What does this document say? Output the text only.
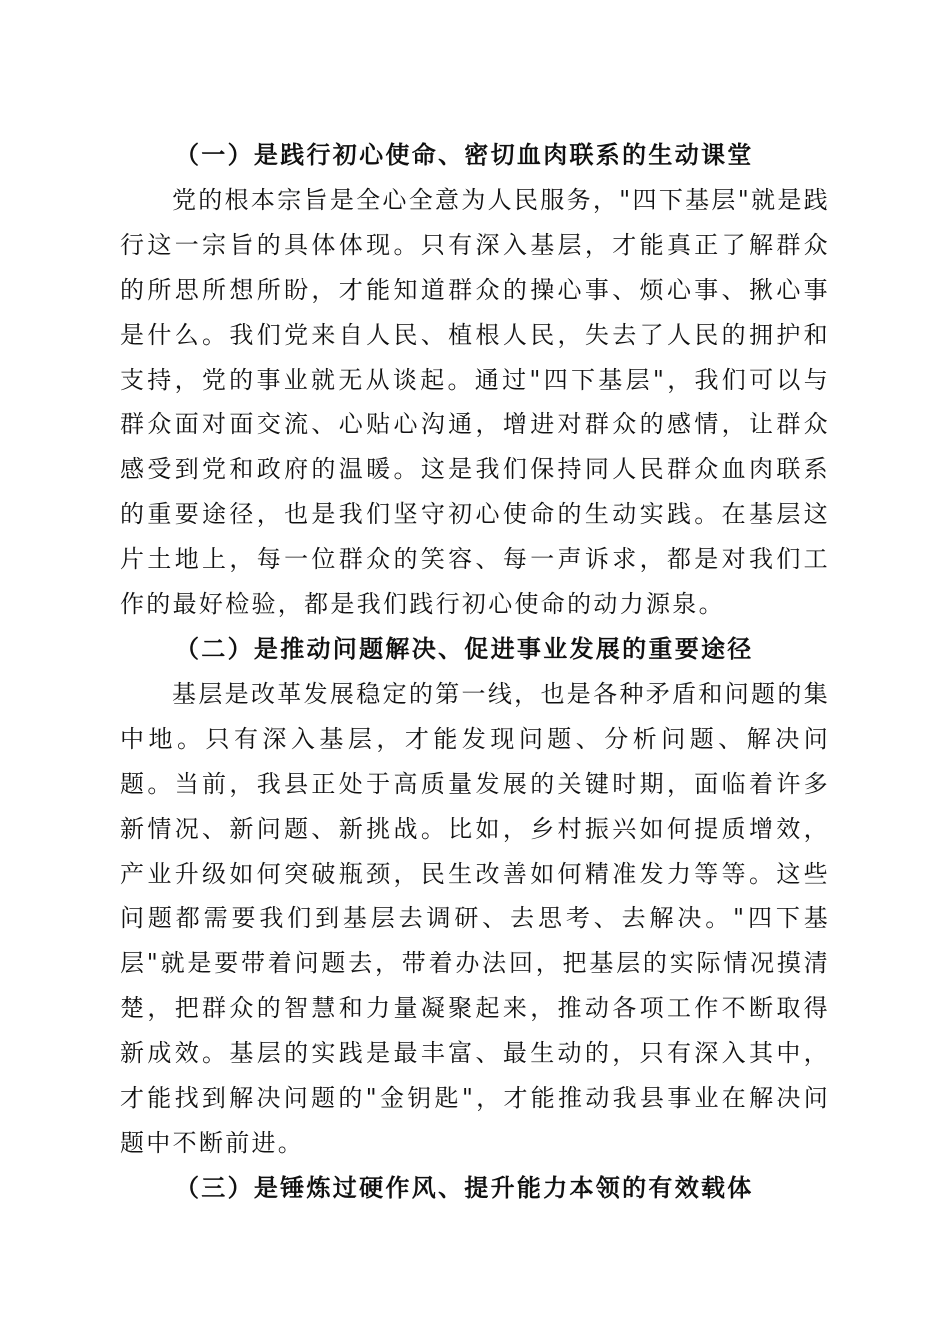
（一）是践行初心使命、密切血肉联系的生动课堂

党的根本宗旨是全心全意为人民服务，"四下基层"就是践行这一宗旨的具体体现。只有深入基层，才能真正了解群众的所思所想所盼，才能知道群众的操心事、烦心事、揪心事是什么。我们党来自人民、植根人民，失去了人民的拥护和支持，党的事业就无从谈起。通过"四下基层"，我们可以与群众面对面交流、心贴心沟通，增进对群众的感情，让群众感受到党和政府的温暖。这是我们保持同人民群众血肉联系的重要途径，也是我们坚守初心使命的生动实践。在基层这片土地上，每一位群众的笑容、每一声诉求，都是对我们工作的最好检验，都是我们践行初心使命的动力源泉。

（二）是推动问题解决、促进事业发展的重要途径

基层是改革发展稳定的第一线，也是各种矛盾和问题的集中地。只有深入基层，才能发现问题、分析问题、解决问题。当前，我县正处于高质量发展的关键时期，面临着许多新情况、新问题、新挑战。比如，乡村振兴如何提质增效，产业升级如何突破瓶颈，民生改善如何精准发力等等。这些问题都需要我们到基层去调研、去思考、去解决。"四下基层"就是要带着问题去，带着办法回，把基层的实际情况摸清楚，把群众的智慧和力量凝聚起来，推动各项工作不断取得新成效。基层的实践是最丰富、最生动的，只有深入其中，才能找到解决问题的"金钥匙"，才能推动我县事业在解决问题中不断前进。

（三）是锤炼过硬作风、提升能力本领的有效载体
